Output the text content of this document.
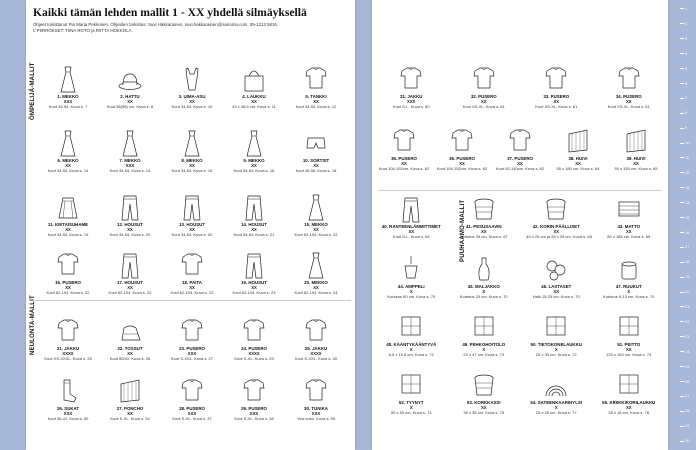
1
2
3
4
5
6
7
8
9
10
11
12
13
14
15
16
17
18
19
20
21
22
23
24
25
26
27
28
29
30
Kaikki tämän lehden mallit 1 - XX yhdellä silmäyksellä
Ohjeet toimittanut Pia Maria Pekkonen. Ohjeiden tarkistus: Suvi Hakkarainen, suvi.hakkarainen@sanoma.com, 09-1213 5816.
// PIIRROKSET: TIINA ROTO ja RIITTA HOKKOLA
ÖMPELIJÄ-MALLIT
NEULONTA-MALLIT
1. MEKKO
XXX
Koot 34-54. Kuva s. 7
2. HATTU
XX
Koot 56(58) cm. Kuva s. 8
3. UIMA-ASU
XX
Koot 34-54. Kuva s. 10
4. LAUKKU
XX
43 x 38,5 cm. Kuva s. 11
5. TANKKI
XX
Koot 34-54. Kuva s. 12
6. MEKKO
XX
Koot 34-54. Kuva s. 14
7. MEKKO
XXX
Koot 34-54. Kuva s. 14
8. MEKKO
XX
Koot 34-54. Kuva s. 15
9. MEKKO
XX
Koot 34-54. Kuva s. 16
10. SORTSIT
XX
Koot 46-56. Kuva s. 18
11. KIETAISUHAME
XX
Koot 34-54. Kuva s. 19
12. HOUSUT
XX
Koot 34-54. Kuva s. 20
13. HOUSUT
XX
Koot 34-54. Kuva s. 20
14. HOUSUT
XX
Koot 34-54. Kuva s. 21
15. MEKKO
XX
Koot 62-104. Kuva s. 22
16. PUSERO
XX
Koot 62-104. Kuva s. 22
17. HOUSUT
XX
Koot 62-104. Kuva s. 22
18. PAITA
XX
Koot 62-104. Kuva s. 22
19. HOUSUT
XX
Koot 62-104. Kuva s. 23
20. MEKKO
XX
Koot 62-104. Kuva s. 24
21. JAKKU
XXXX
Koot XS-XXXL. Kuva s. 25
22. TOSSUT
XX
Koot 80/41. Kuva s. 26
23. PUSERO
XXX
Koot S-XXL. Kuva s. 27
24. PUSERO
XXXX
Koot S-XL. Kuva s. 29
25. JAKKU
XXXX
Koot S-XXL. Kuva s. 30
26. SUKAT
XXX
Koot 36-41. Kuva s. 50
27. PONCHO
XX
Koot S-XL. Kuva s. 34
28. PUSERO
XXX
Koot S-XL. Kuva s. 37
29. PUSERO
XXX
Koot S-XL. Kuva s. 38
30. TUNIKA
XXX
Yksi koko. Kuva s. 59
PUUHAAMO-MALLIT
31. JAKKU
XXX
Koot S-L. Kuva s. 60
32. PUSERO
XX
Koot XS-XL. Kuva s. 61
33. PUSERO
XX
Koot XS-XL. Kuva s. 61
34. PUSERO
XX
Koot XS-XL. Kuva s. 61
35. PUSERO
XX
Koot 104-152cm. Kuva s. 62
36. PUSERO
XX
Koot 104-152cm. Kuva s. 62
37. PUSERO
XX
Koot 92-140cm. Kuva s. 62
38. HUIVI
XX
55 x 180 cm. Kuva s. 64
39. HUIVI
XX
50 x 150 cm. Kuva s. 65
40. RANTEENLÄMMITTIMET
XX
Koot S-L. Kuva s. 66
41. PESUSAAVIN
XX
Korkeus 35 cm. Kuva s. 67
42. KORIN PÄÄLLISET
XX
40 x 25 cm ja 28 x 29 cm. Kuva s. 68
43. MATTO
XX
80 x 185 cm. Kuva s. 69
44. AMPPELI
X
Korkeus 80 cm. Kuva s. 70
45. MALJAKKO
X
Korkeus 20 cm. Kuva s. 70
46. LASTASET
XX
Halk 15-25 cm. Kuva s. 70
47. RUUKUT
X
Korkeus 9-13 cm. Kuva s. 70
48. KÄÄNTYKÄÄNTYVÄ
X
8,5 x 15,5 cm. Kuva s. 72
49. PEHKOHOITOLO
X
23 x 47 cm. Kuva s. 73
50. TIETOKONELAUKKU
X
25 x 33 cm. Kuva s. 72
51. PEITTO
XX
120 x 150 cm. Kuva s. 74
52. TYYNYT
X
50 x 50 cm. Kuva s. 74
53. KORKKASSI
XX
35 x 35 cm. Kuva s. 75
54. SATEENKAARIHYLSI
X
25 x 25 cm. Kuva s. 77
55. KRIIKKIKORILAUKKU
XX
28 x 18 cm. Kuva s. 78
